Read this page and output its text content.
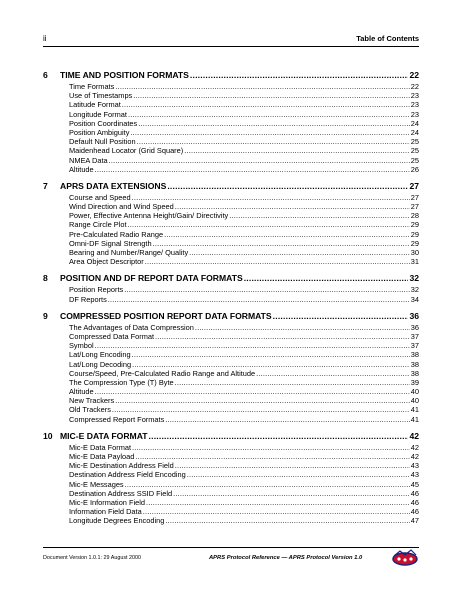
ii	Table of Contents
6	TIME AND POSITION FORMATS .....	22
Time Formats .....	22
Use of Timestamps .....	23
Latitude Format .....	23
Longitude Format .....	23
Position Coordinates .....	24
Position Ambiguity .....	24
Default Null Position .....	25
Maidenhead Locator (Grid Square) .....	25
NMEA Data .....	25
Altitude .....	26
7	APRS DATA EXTENSIONS .....	27
Course and Speed .....	27
Wind Direction and Wind Speed .....	27
Power, Effective Antenna Height/Gain/ Directivity .....	28
Range Circle Plot .....	29
Pre-Calculated Radio Range .....	29
Omni-DF Signal Strength .....	29
Bearing and Number/Range/ Quality .....	30
Area Object Descriptor .....	31
8	POSITION AND DF REPORT DATA FORMATS .....	32
Position Reports .....	32
DF Reports .....	34
9	COMPRESSED POSITION REPORT DATA FORMATS .....	36
The Advantages of Data Compression .....	36
Compressed Data Format .....	37
Symbol .....	37
Lat/Long Encoding .....	38
Lat/Long Decoding .....	38
Course/Speed, Pre-Calculated Radio Range and Altitude .....	38
The Compression Type (T) Byte .....	39
Altitude .....	40
New Trackers .....	40
Old Trackers .....	41
Compressed Report Formats .....	41
10 MIC-E DATA FORMAT .....	42
Mic-E Data Format .....	42
Mic-E Data Payload .....	42
Mic-E Destination Address Field .....	43
Destination Address Field Encoding .....	43
Mic-E Messages .....	45
Destination Address SSID Field .....	46
Mic-E Information Field .....	46
Information Field Data .....	46
Longitude Degrees Encoding .....	47
Document Version 1.0.1: 29 August 2000	APRS Protocol Reference — APRS Protocol Version 1.0
